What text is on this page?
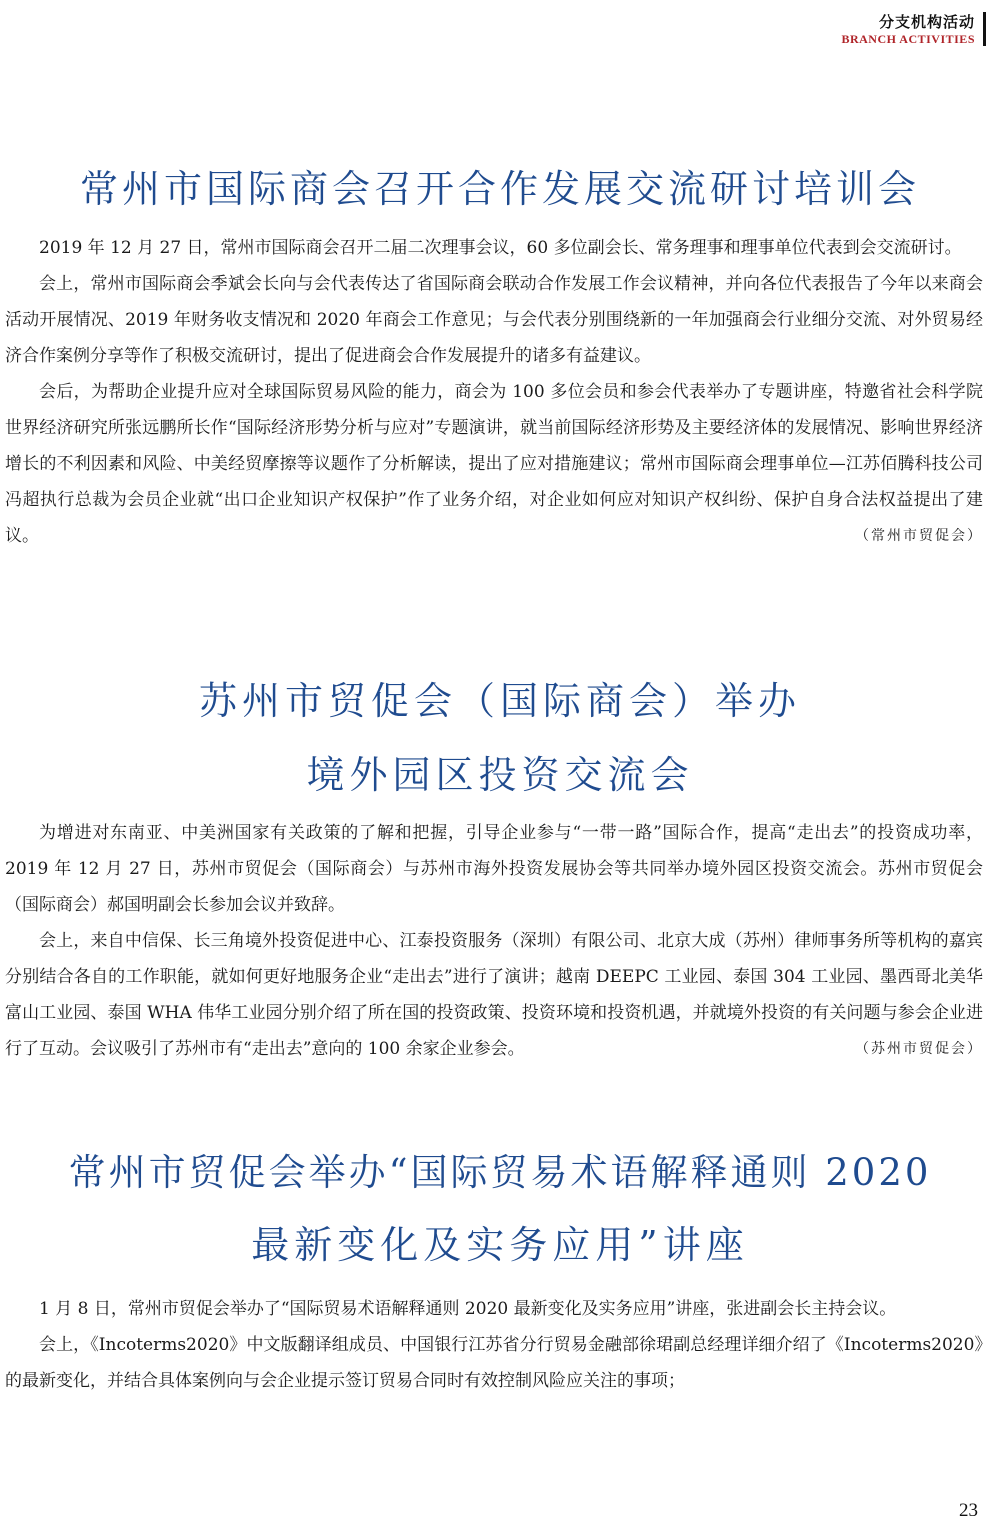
分支机构活动
BRANCH ACTIVITIES
常州市国际商会召开合作发展交流研讨培训会

2019 年 12 月 27 日，常州市国际商会召开二届二次理事会议，60 多位副会长、常务理事和理事单位代表到会交流研讨。

会上，常州市国际商会季斌会长向与会代表传达了省国际商会联动合作发展工作会议精神，并向各位代表报告了今年以来商会活动开展情况、2019 年财务收支情况和 2020 年商会工作意见；与会代表分别围绕新的一年加强商会行业细分交流、对外贸易经济合作案例分享等作了积极交流研讨，提出了促进商会合作发展提升的诸多有益建议。

会后，为帮助企业提升应对全球国际贸易风险的能力，商会为 100 多位会员和参会代表举办了专题讲座，特邀省社会科学院世界经济研究所张远鹏所长作“国际经济形势分析与应对”专题演讲，就当前国际经济形势及主要经济体的发展情况、影响世界经济增长的不利因素和风险、中美经贸摩擦等议题作了分析解读，提出了应对措施建议；常州市国际商会理事单位—江苏佰腾科技公司冯超执行总裁为会员企业就“出口企业知识产权保护”作了业务介绍，对企业如何应对知识产权纠纷、保护自身合法权益提出了建议。	（常州市贸促会）

苏州市贸促会（国际商会）举办
境外园区投资交流会

为增进对东南亚、中美洲国家有关政策的了解和把握，引导企业参与“一带一路”国际合作，提高“走出去”的投资成功率，2019 年 12 月 27 日，苏州市贸促会（国际商会）与苏州市海外投资发展协会等共同举办境外园区投资交流会。苏州市贸促会（国际商会）郝国明副会长参加会议并致辞。

会上，来自中信保、长三角境外投资促进中心、江泰投资服务（深圳）有限公司、北京大成（苏州）律师事务所等机构的嘉宾分别结合各自的工作职能，就如何更好地服务企业“走出去”进行了演讲；越南 DEEPC 工业园、泰国 304 工业园、墨西哥北美华富山工业园、泰国 WHA 伟华工业园分别介绍了所在国的投资政策、投资环境和投资机遇，并就境外投资的有关问题与参会企业进行了互动。会议吸引了苏州市有“走出去”意向的 100 余家企业参会。	（苏州市贸促会）

常州市贸促会举办“国际贸易术语解释通则 2020
最新变化及实务应用”讲座

1 月 8 日，常州市贸促会举办了“国际贸易术语解释通则 2020 最新变化及实务应用”讲座，张进副会长主持会议。

会上，《Incoterms2020》中文版翻译组成员、中国银行江苏省分行贸易金融部徐珺副总经理详细介绍了《Incoterms2020》的最新变化，并结合具体案例向与会企业提示签订贸易合同时有效控制风险应关注的事项；

23
